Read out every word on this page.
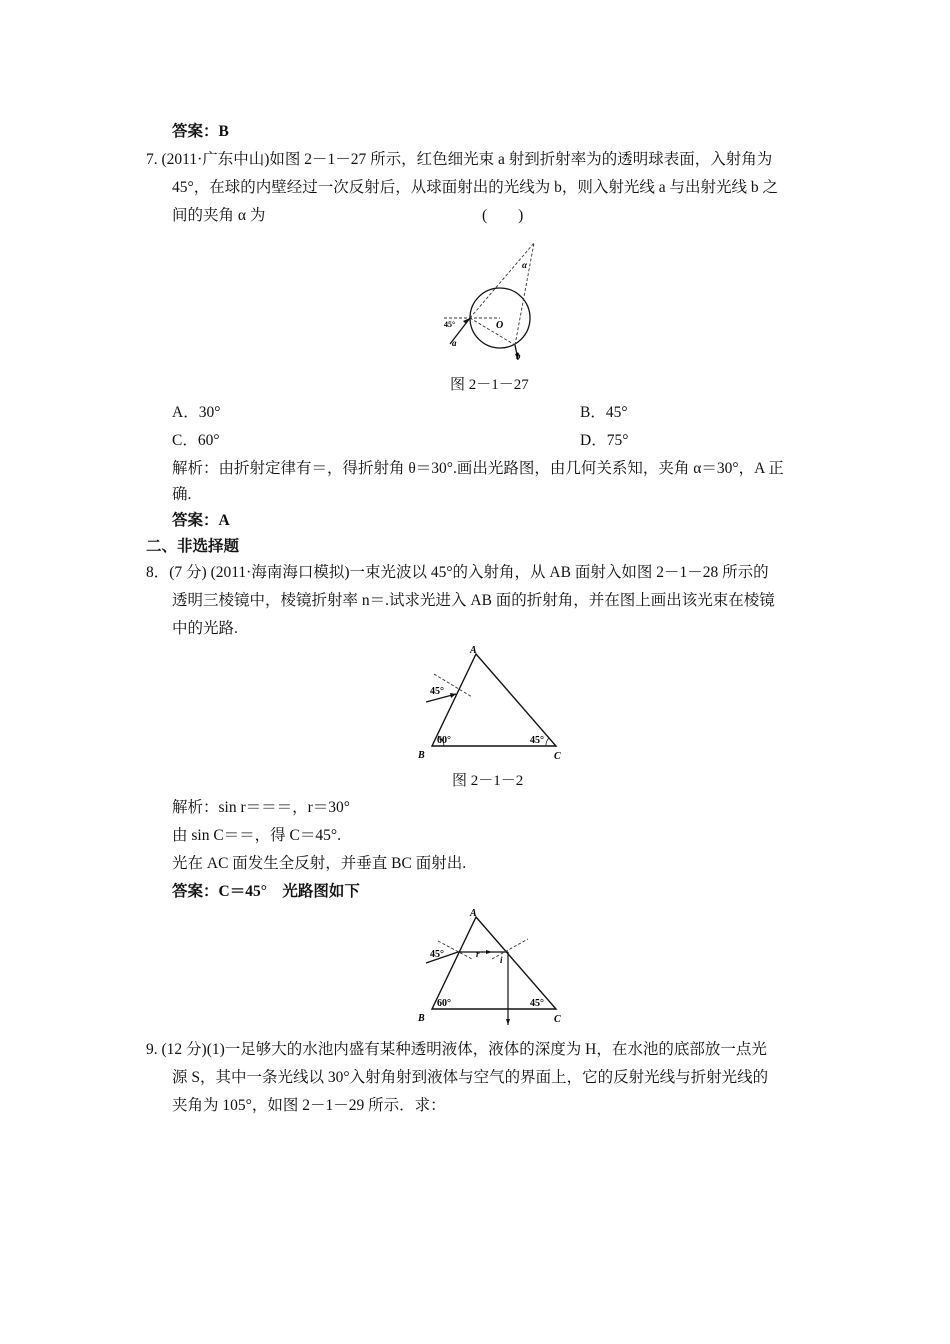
答案：B
7. (2011·广东中山)如图 2－1－27 所示，红色细光束 a 射到折射率为的透明球表面，入射角为
45°，在球的内壁经过一次反射后，从球面射出的光线为 b，则入射光线 a 与出射光线 b 之
间的夹角 α 为	(　　)
45°
α
O
a
b
图 2－1－27
A．30°	B．45°
C．60°	D．75°
解析：由折射定律有＝，得折射角 θ＝30°.画出光路图，由几何关系知，夹角 α＝30°，A 正
确.
答案：A
二、非选择题
8．(7 分) (2011·海南海口模拟)一束光波以 45°的入射角，从 AB 面射入如图 2－1－28 所示的
透明三棱镜中，棱镜折射率 n＝.试求光进入 AB 面的折射角，并在图上画出该光束在棱镜
中的光路.
45°
A
B	C
60°	45°
图 2－1－2
解析：sin r＝＝＝，r＝30°
由 sin C＝＝，得 C＝45°.
光在 AC 面发生全反射，并垂直 BC 面射出.
答案：C＝45°　光路图如下
45°	r
i
A
B	C
60°	45°
9. (12 分)(1)一足够大的水池内盛有某种透明液体，液体的深度为 H，在水池的底部放一点光
源 S，其中一条光线以 30°入射角射到液体与空气的界面上，它的反射光线与折射光线的
夹角为 105°，如图 2－1－29 所示．求：
